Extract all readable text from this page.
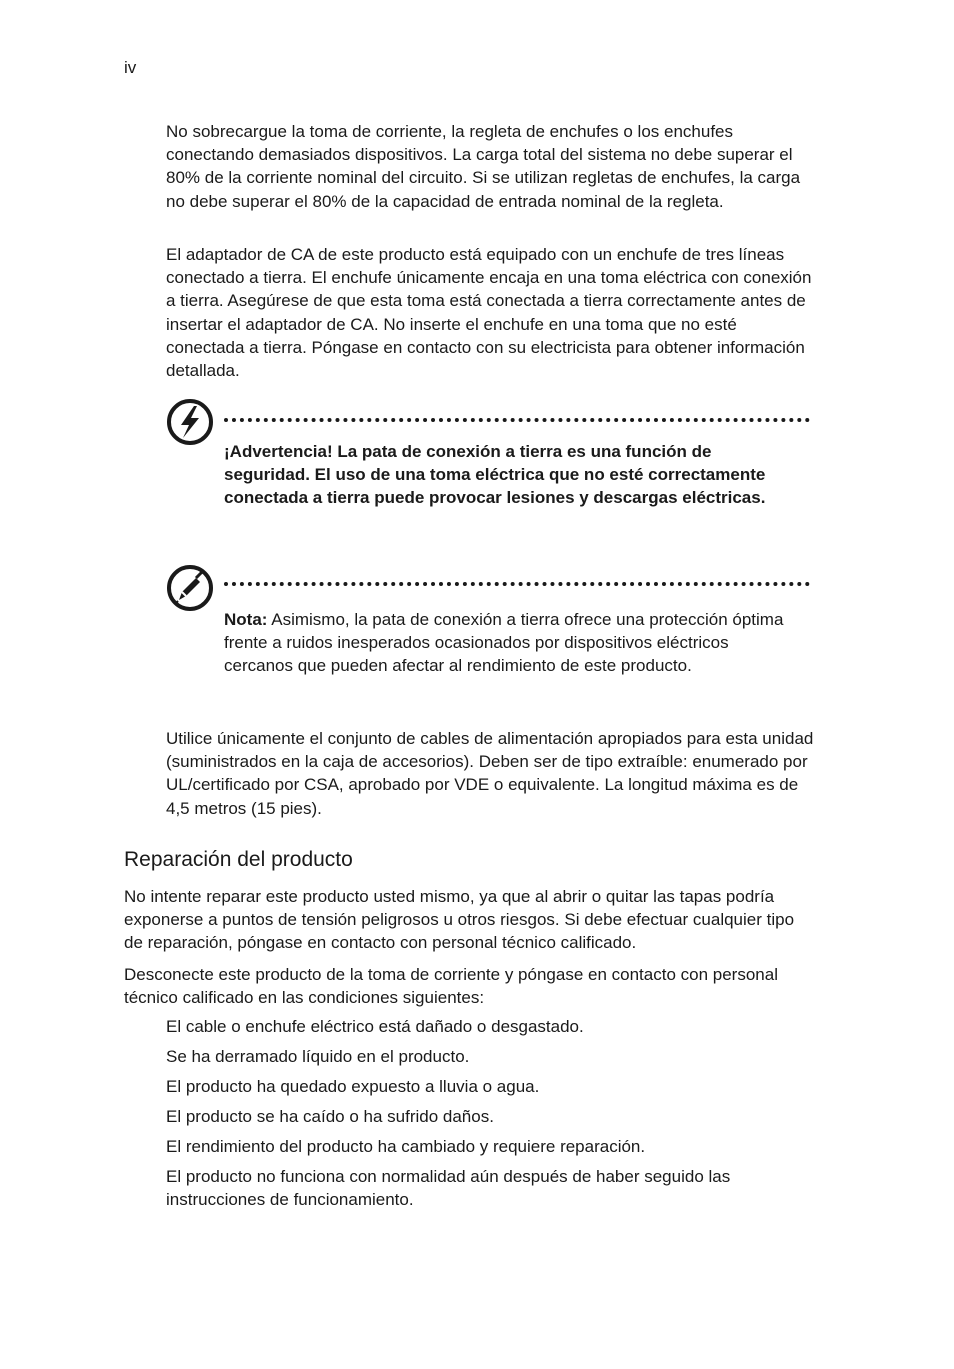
iv

No sobrecargue la toma de corriente, la regleta de enchufes o los enchufes conectando demasiados dispositivos. La carga total del sistema no debe superar el 80% de la corriente nominal del circuito. Si se utilizan regletas de enchufes, la carga no debe superar el 80% de la capacidad de entrada nominal de la regleta.

El adaptador de CA de este producto está equipado con un enchufe de tres líneas conectado a tierra. El enchufe únicamente encaja en una toma eléctrica con conexión a tierra. Asegúrese de que esta toma está conectada a tierra correctamente antes de insertar el adaptador de CA. No inserte el enchufe en una toma que no esté conectada a tierra. Póngase en contacto con su electricista para obtener información detallada.

¡Advertencia! La pata de conexión a tierra es una función de seguridad. El uso de una toma eléctrica que no esté correctamente conectada a tierra puede provocar lesiones y descargas eléctricas.

Nota: Asimismo, la pata de conexión a tierra ofrece una protección óptima frente a ruidos inesperados ocasionados por dispositivos eléctricos cercanos que pueden afectar al rendimiento de este producto.

Utilice únicamente el conjunto de cables de alimentación apropiados para esta unidad (suministrados en la caja de accesorios). Deben ser de tipo extraíble: enumerado por UL/certificado por CSA, aprobado por VDE o equivalente. La longitud máxima es de 4,5 metros (15 pies).

Reparación del producto

No intente reparar este producto usted mismo, ya que al abrir o quitar las tapas podría exponerse a puntos de tensión peligrosos u otros riesgos. Si debe efectuar cualquier tipo de reparación, póngase en contacto con personal técnico calificado.

Desconecte este producto de la toma de corriente y póngase en contacto con personal técnico calificado en las condiciones siguientes:

El cable o enchufe eléctrico está dañado o desgastado.
Se ha derramado líquido en el producto.
El producto ha quedado expuesto a lluvia o agua.
El producto se ha caído o ha sufrido daños.
El rendimiento del producto ha cambiado y requiere reparación.
El producto no funciona con normalidad aún después de haber seguido las instrucciones de funcionamiento.
